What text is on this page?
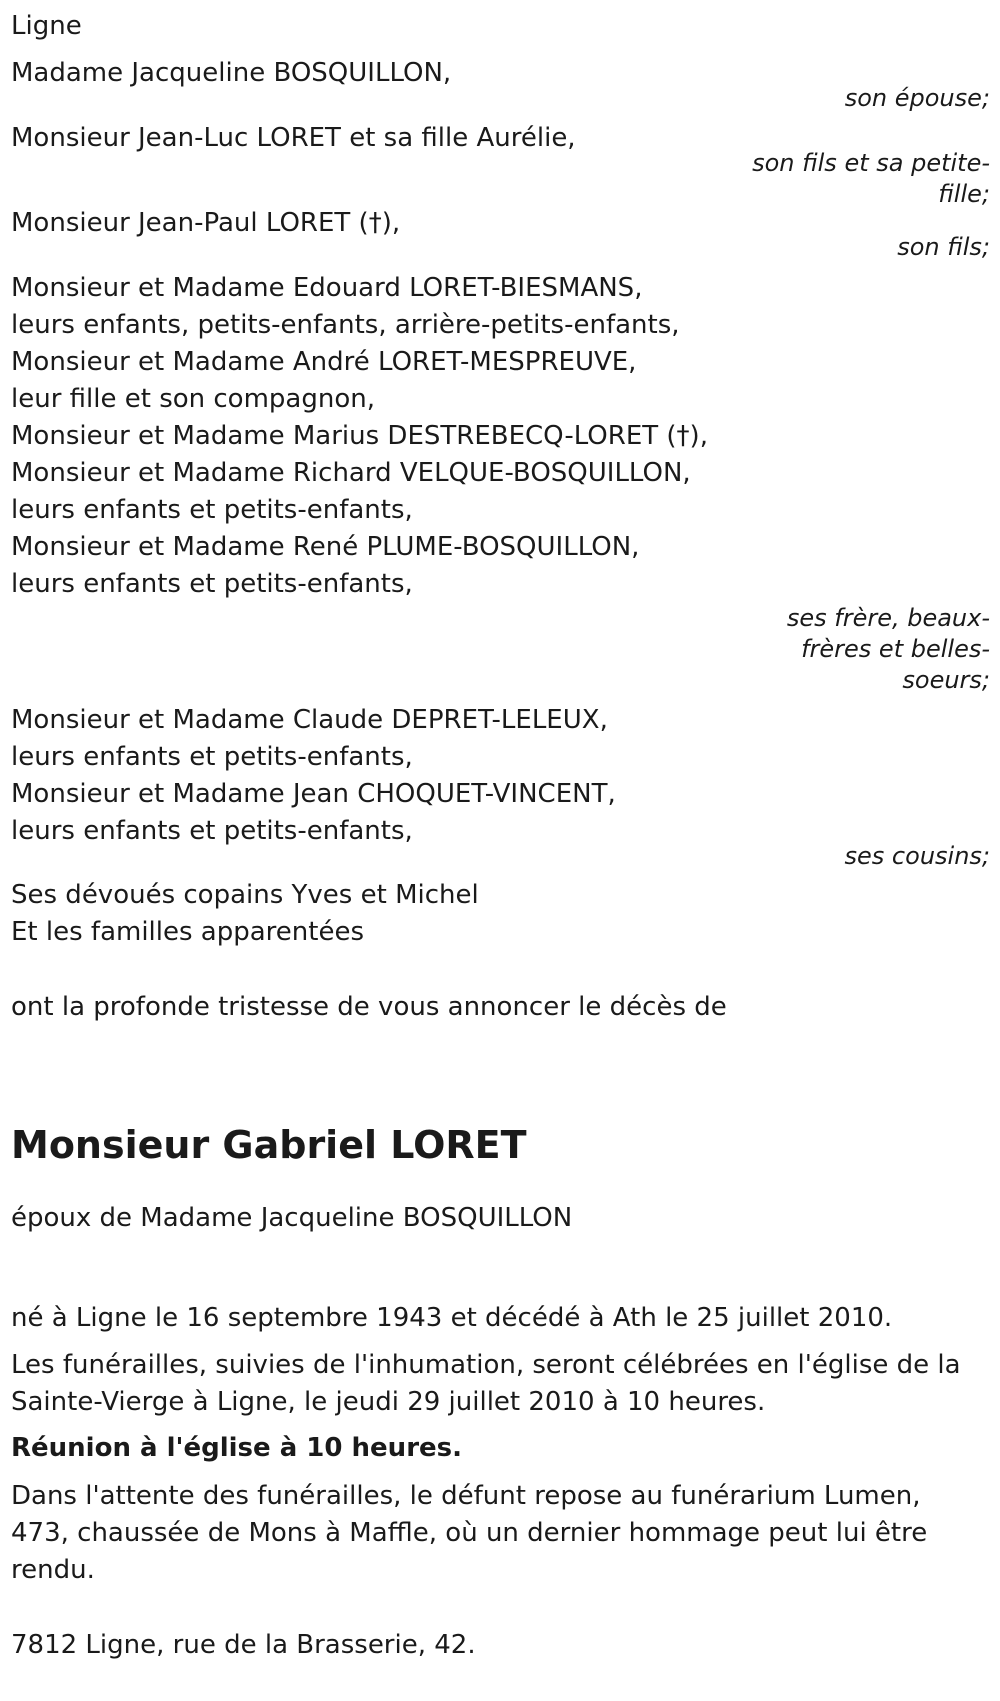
Ligne
Madame Jacqueline BOSQUILLON,
son épouse;
Monsieur Jean-Luc LORET et sa fille Aurélie,
son fils et sa petite-fille;
Monsieur Jean-Paul LORET (†),
son fils;
Monsieur et Madame Edouard LORET-BIESMANS,
leurs enfants, petits-enfants, arrière-petits-enfants,
Monsieur et Madame André LORET-MESPREUVE,
leur fille et son compagnon,
Monsieur et Madame Marius DESTREBECQ-LORET (†),
Monsieur et Madame Richard VELQUE-BOSQUILLON,
leurs enfants et petits-enfants,
Monsieur et Madame René PLUME-BOSQUILLON,
leurs enfants et petits-enfants,
ses frère, beaux-frères et belles-soeurs;
Monsieur et Madame Claude DEPRET-LELEUX,
leurs enfants et petits-enfants,
Monsieur et Madame Jean CHOQUET-VINCENT,
leurs enfants et petits-enfants,
ses cousins;
Ses dévoués copains Yves et Michel
Et les familles apparentées
ont la profonde tristesse de vous annoncer le décès de
Monsieur Gabriel LORET
époux de Madame Jacqueline BOSQUILLON
né à Ligne le 16 septembre 1943 et décédé à Ath le 25 juillet 2010.
Les funérailles, suivies de l'inhumation, seront célébrées en l'église de la Sainte-Vierge à Ligne, le jeudi 29 juillet 2010 à 10 heures.
Réunion à l'église à 10 heures.
Dans l'attente des funérailles, le défunt repose au funérarium Lumen, 473, chaussée de Mons à Maffle, où un dernier hommage peut lui être rendu.
7812 Ligne, rue de la Brasserie, 42.
